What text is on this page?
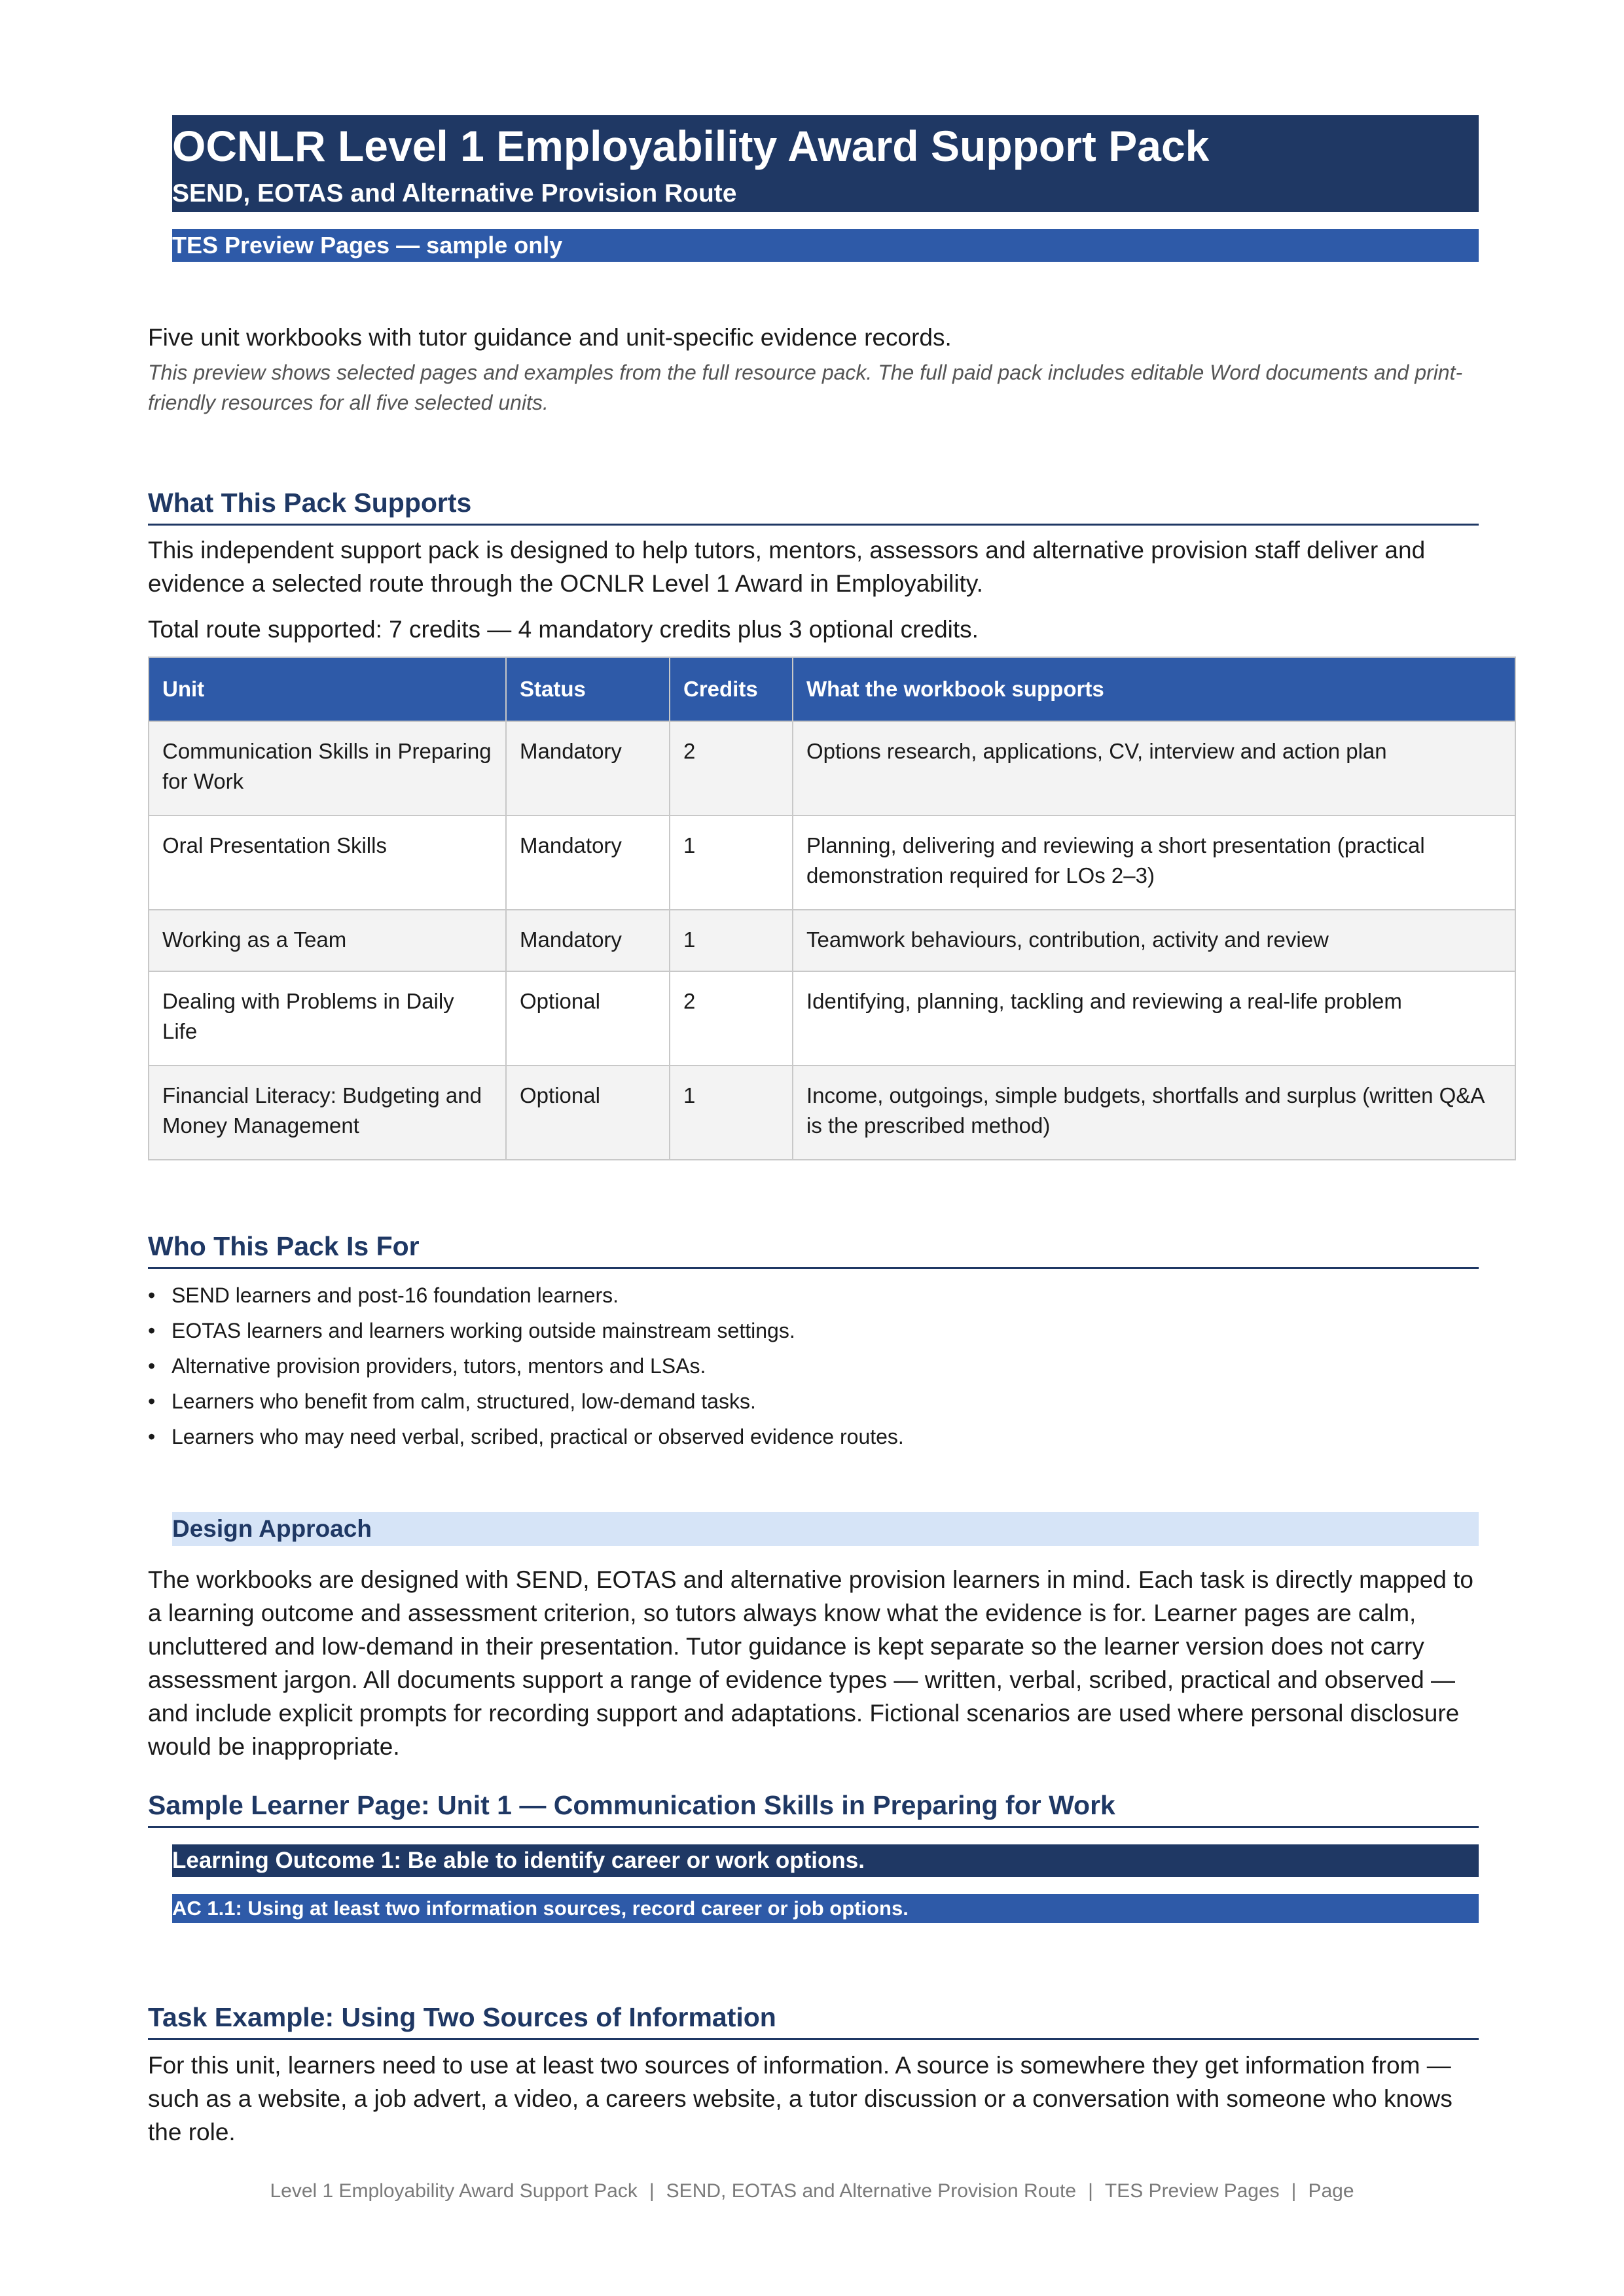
OCNLR Level 1 Employability Award Support Pack
SEND, EOTAS and Alternative Provision Route
TES Preview Pages — sample only
Five unit workbooks with tutor guidance and unit-specific evidence records.
This preview shows selected pages and examples from the full resource pack. The full paid pack includes editable Word documents and print-friendly resources for all five selected units.
What This Pack Supports
This independent support pack is designed to help tutors, mentors, assessors and alternative provision staff deliver and evidence a selected route through the OCNLR Level 1 Award in Employability.
Total route supported: 7 credits — 4 mandatory credits plus 3 optional credits.
Unit	Status	Credits	What the workbook supports
Communication Skills in Preparing for Work	Mandatory	2	Options research, applications, CV, interview and action plan
Oral Presentation Skills	Mandatory	1	Planning, delivering and reviewing a short presentation (practical demonstration required for LOs 2–3)
Working as a Team	Mandatory	1	Teamwork behaviours, contribution, activity and review
Dealing with Problems in Daily Life	Optional	2	Identifying, planning, tackling and reviewing a real-life problem
Financial Literacy: Budgeting and Money Management	Optional	1	Income, outgoings, simple budgets, shortfalls and surplus (written Q&A is the prescribed method)
Who This Pack Is For
• SEND learners and post-16 foundation learners.
• EOTAS learners and learners working outside mainstream settings.
• Alternative provision providers, tutors, mentors and LSAs.
• Learners who benefit from calm, structured, low-demand tasks.
• Learners who may need verbal, scribed, practical or observed evidence routes.
Design Approach
The workbooks are designed with SEND, EOTAS and alternative provision learners in mind. Each task is directly mapped to a learning outcome and assessment criterion, so tutors always know what the evidence is for. Learner pages are calm, uncluttered and low-demand in their presentation. Tutor guidance is kept separate so the learner version does not carry assessment jargon. All documents support a range of evidence types — written, verbal, scribed, practical and observed — and include explicit prompts for recording support and adaptations. Fictional scenarios are used where personal disclosure would be inappropriate.
Sample Learner Page: Unit 1 — Communication Skills in Preparing for Work
Learning Outcome 1: Be able to identify career or work options.
AC 1.1: Using at least two information sources, record career or job options.
Task Example: Using Two Sources of Information
For this unit, learners need to use at least two sources of information. A source is somewhere they get information from — such as a website, a job advert, a video, a careers website, a tutor discussion or a conversation with someone who knows the role.
Level 1 Employability Award Support Pack | SEND, EOTAS and Alternative Provision Route | TES Preview Pages | Page
